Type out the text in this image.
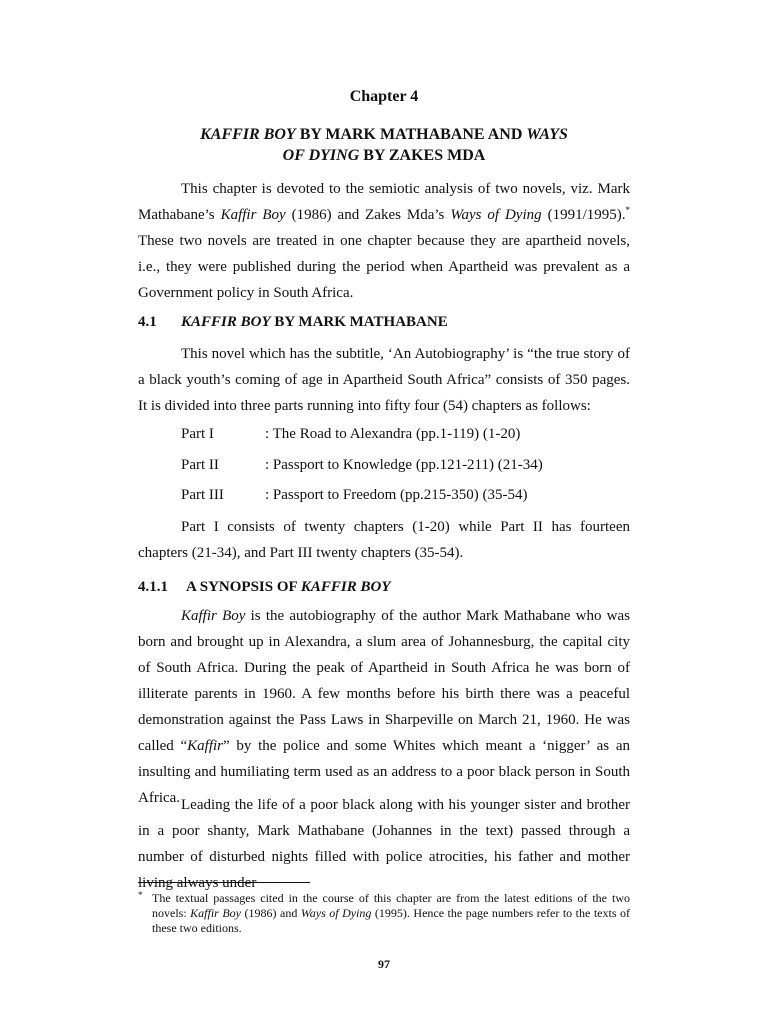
Chapter 4
KAFFIR BOY BY MARK MATHABANE AND WAYS
OF DYING BY ZAKES MDA

This chapter is devoted to the semiotic analysis of two novels, viz. Mark Mathabane’s Kaffir Boy (1986) and Zakes Mda’s Ways of Dying (1991/1995).* These two novels are treated in one chapter because they are apartheid novels, i.e., they were published during the period when Apartheid was prevalent as a Government policy in South Africa.

4.1 KAFFIR BOY BY MARK MATHABANE

This novel which has the subtitle, ‘An Autobiography’ is “the true story of a black youth’s coming of age in Apartheid South Africa” consists of 350 pages. It is divided into three parts running into fifty four (54) chapters as follows:

Part I	: The Road to Alexandra (pp.1-119) (1-20)
Part II	: Passport to Knowledge (pp.121-211) (21-34)
Part III	: Passport to Freedom (pp.215-350) (35-54)

Part I consists of twenty chapters (1-20) while Part II has fourteen chapters (21-34), and Part III twenty chapters (35-54).

4.1.1 A SYNOPSIS OF KAFFIR BOY

Kaffir Boy is the autobiography of the author Mark Mathabane who was born and brought up in Alexandra, a slum area of Johannesburg, the capital city of South Africa. During the peak of Apartheid in South Africa he was born of illiterate parents in 1960. A few months before his birth there was a peaceful demonstration against the Pass Laws in Sharpeville on March 21, 1960. He was called “Kaffir” by the police and some Whites which meant a ‘nigger’ as an insulting and humiliating term used as an address to a poor black person in South Africa. Leading the life of a poor black along with his younger sister and brother in a poor shanty, Mark Mathabane (Johannes in the text) passed through a number of disturbed nights filled with police atrocities, his father and mother living always under

* The textual passages cited in the course of this chapter are from the latest editions of the two novels: Kaffir Boy (1986) and Ways of Dying (1995). Hence the page numbers refer to the texts of these two editions.
97
